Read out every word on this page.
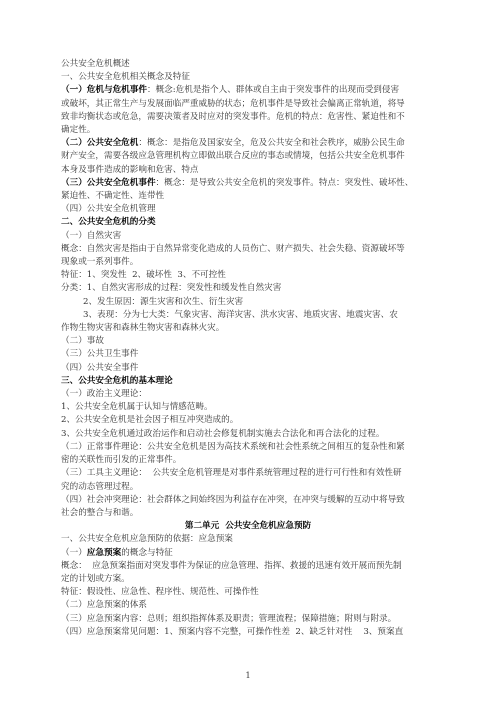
公共安全危机概述

一、公共安全危机相关概念及特征

（一）危机与危机事件：概念:危机是指个人、群体或自主由于突发事件的出现而受到侵害

或破坏，其正常生产与发展面临严重威胁的状态；危机事件是导致社会偏离正常轨道，将导

致非均衡状态或危急，需要决策者及时应对的突发事件。危机的特点：危害性、紧迫性和不

确定性。

（二）公共安全危机：概念：是指危及国家安全，危及公共安全和社会秩序，威胁公民生命

财产安全，需要各级应急管理机构立即做出联合反应的事态或情境，包括公共安全危机事件

本身及事件造成的影响和危害、特点

（三）公共安全危机事件：概念：是导致公共安全危机的突发事件。特点：突发性、破坏性、

紧迫性、不确定性、连带性

（四）公共安全危机管理

二、公共安全危机的分类

（一）自然灾害

概念：自然灾害是指由于自然异常变化造成的人员伤亡、财产损失、社会失稳、资源破坏等

现象或一系列事件。

特征：1、突发性  2、破坏性  3、不可控性

分类：1、自然灾害形成的过程：突发性和缓发性自然灾害

2、发生原因：源生灾害和次生、衍生灾害

3、表现：分为七大类：气象灾害、海洋灾害、洪水灾害、地质灾害、地震灾害、农

作物生物灾害和森林生物灾害和森林火灾。

（二）事故

（三）公共卫生事件

（四）公共安全事件

三、公共安全危机的基本理论

（一）政治主义理论：

1、公共安全危机属于认知与情感范畴。

2、公共安全危机是社会因子相互冲突造成的。

3、公共安全危机通过政治运作和启动社会修复机制实施去合法化和再合法化的过程。

（二）正常事件理论：公共安全危机是因为高技术系统和社会性系统之间相互的复杂性和紧

密的关联性而引发的正常事件。

（三）工具主义理论：  公共安全危机管理是对事件系统管理过程的进行可行性和有效性研

究的动态管理过程。

（四）社会冲突理论：社会群体之间始终因为利益存在冲突，在冲突与缓解的互动中将导致

社会的整合与和谐。

第二单元  公共安全危机应急预防

一、公共安全危机应急预防的依据：应急预案

（一）应急预案的概念与特征

概念：  应急预案指面对突发事件为保证的应急管理、指挥、救援的迅速有效开展而预先制

定的计划或方案。

特征：假设性、应急性、程序性、规范性、可操作性

（二）应急预案的体系

（三）应急预案内容：总则；组织指挥体系及职责；管理流程；保障措施；附则与附录。

（四）应急预案常见问题：1、预案内容不完整，可操作性差  2、缺乏针对性    3、预案直

1
